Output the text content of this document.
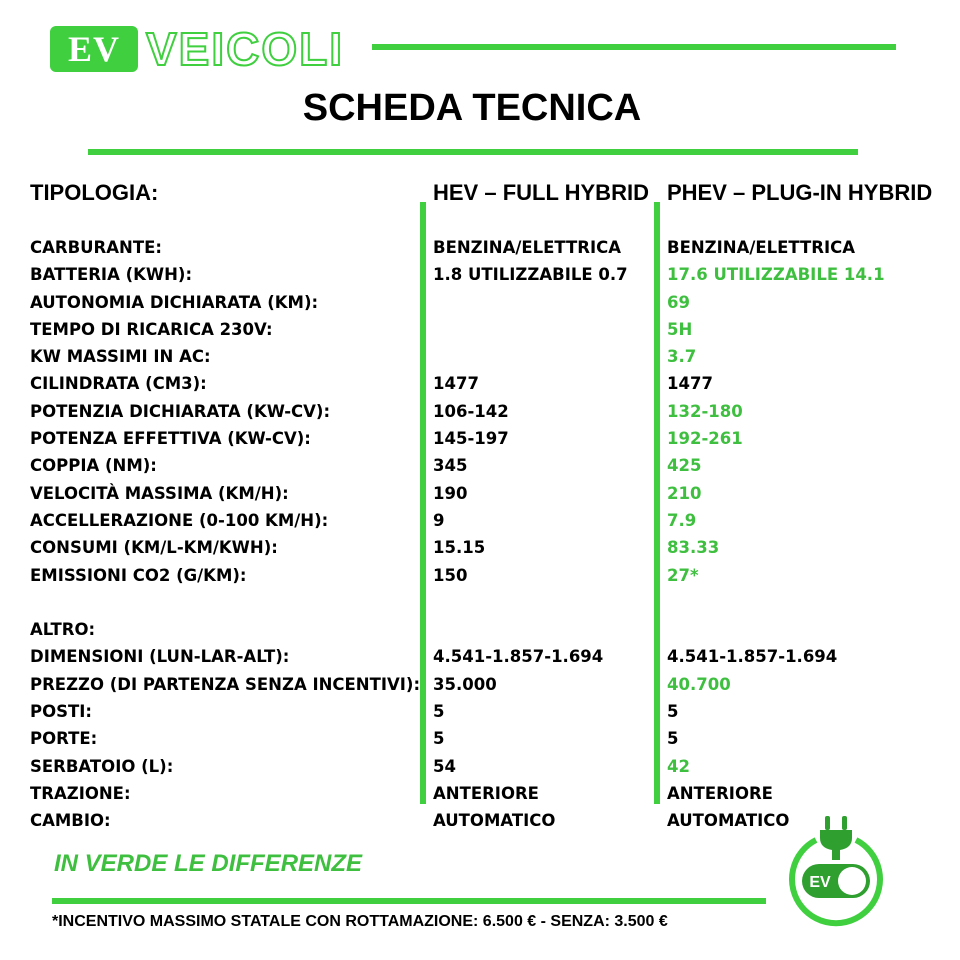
EV VEICOLI
SCHEDA TECNICA
TIPOLOGIA:	HEV – FULL HYBRID PHEV – PLUG-IN HYBRID
CARBURANTE:
BATTERIA (KWH):
AUTONOMIA DICHIARATA (KM):
TEMPO DI RICARICA 230V:
KW MASSIMI IN AC:
CILINDRATA (CM3):
POTENZIA DICHIARATA (KW-CV):
POTENZA EFFETTIVA (KW-CV):
COPPIA (NM):
VELOCITÀ MASSIMA (KM/H):
ACCELLERAZIONE (0-100 KM/H):
CONSUMI (KM/L-KM/KWH):
EMISSIONI CO2 (G/KM):
ALTRO:
DIMENSIONI (LUN-LAR-ALT):
PREZZO (DI PARTENZA SENZA INCENTIVI):
POSTI:
PORTE:
SERBATOIO (L):
TRAZIONE:
CAMBIO:
BENZINA/ELETTRICA
1.8 UTILIZZABILE 0.7
1477
106-142
145-197
345
190
9
15.15
150
4.541-1.857-1.694
35.000
5
5
54
ANTERIORE
AUTOMATICO
BENZINA/ELETTRICA
17.6 UTILIZZABILE 14.1
69
5H
3.7
1477
132-180
192-261
425
210
7.9
83.33
27*
4.541-1.857-1.694
40.700
5
5
42
ANTERIORE
AUTOMATICO
IN VERDE LE DIFFERENZE
*INCENTIVO MASSIMO STATALE CON ROTTAMAZIONE: 6.500 € - SENZA: 3.500 €
EV
